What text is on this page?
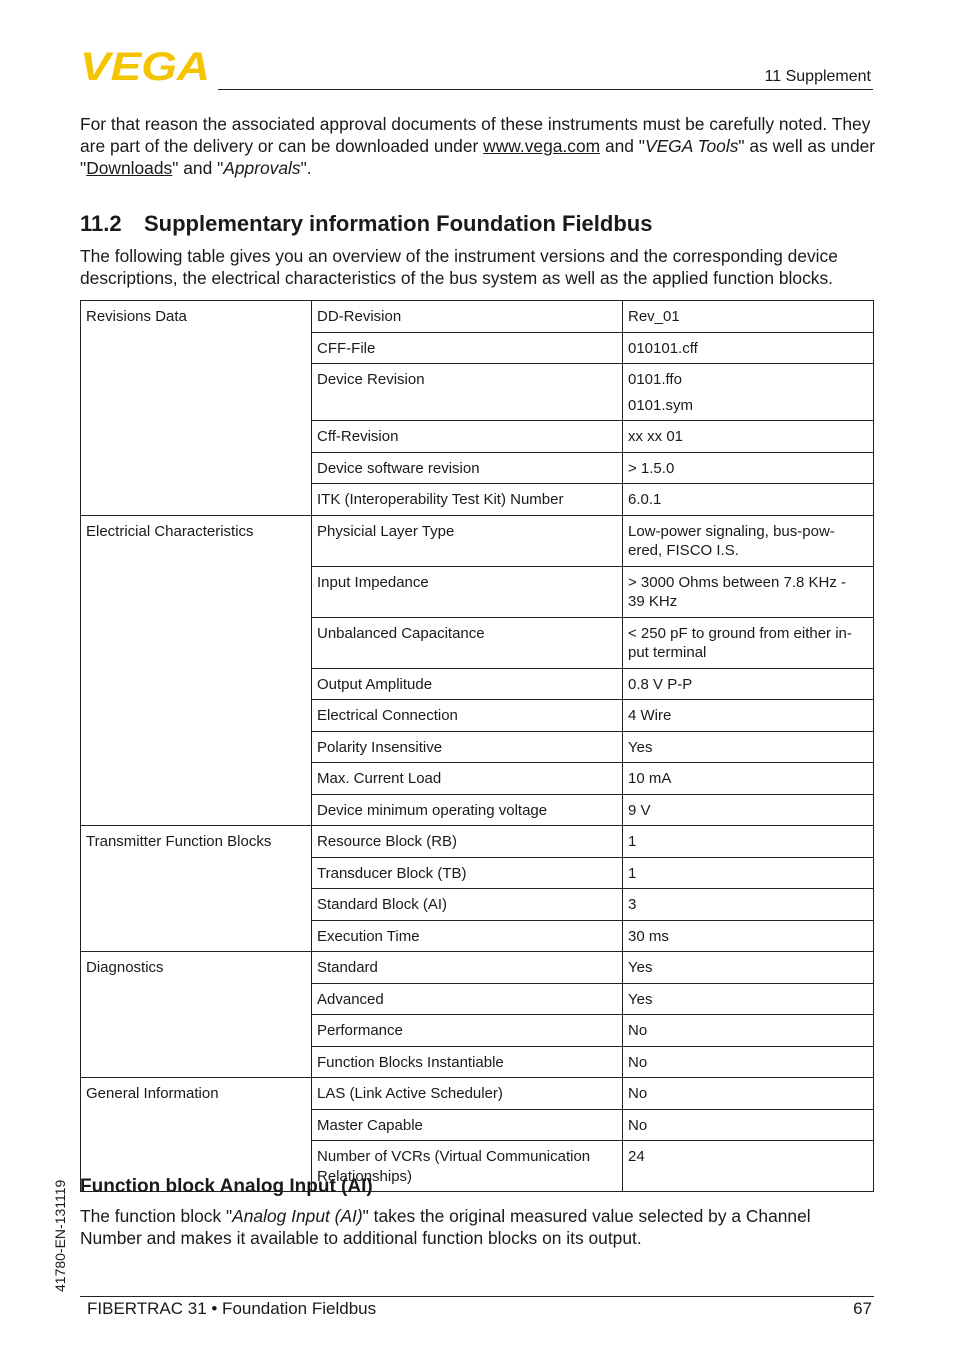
VEGA	11 Supplement

For that reason the associated approval documents of these instruments must be carefully noted. They are part of the delivery or can be downloaded under www.vega.com and "VEGA Tools" as well as under "Downloads" and "Approvals".

11.2 Supplementary information Foundation Fieldbus

The following table gives you an overview of the instrument versions and the corresponding device descriptions, the electrical characteristics of the bus system as well as the applied function blocks.

Revisions Data	DD-Revision	Rev_01

	CFF-File	010101.cff

	Device Revision	0101.ffo
0101.sym

	Cff-Revision	xx xx 01

	Device software revision	> 1.5.0

	ITK (Interoperability Test Kit) Number	6.0.1

Electricial Characteristics	Physicial Layer Type	Low-power signaling, bus-pow-
ered, FISCO I.S.

	Input Impedance	> 3000 Ohms between 7.8 KHz -
39 KHz

	Unbalanced Capacitance	< 250 pF to ground from either in-
put terminal

	Output Amplitude	0.8 V P-P

	Electrical Connection	4 Wire

	Polarity Insensitive	Yes

	Max. Current Load	10 mA

	Device minimum operating voltage	9 V

Transmitter Function Blocks	Resource Block (RB)	1

	Transducer Block (TB)	1

	Standard Block (AI)	3

	Execution Time	30 ms

Diagnostics	Standard	Yes

	Advanced	Yes

	Performance	No

	Function Blocks Instantiable	No

General Information	LAS (Link Active Scheduler)	No

	Master Capable	No

	Number of VCRs (Virtual Communication
Relationships)	24
Function block Analog Input (AI)

The function block "Analog Input (AI)" takes the original measured value selected by a Channel Number and makes it available to additional function blocks on its output.

41780-EN-131119
FIBERTRAC 31 • Foundation Fieldbus	67
